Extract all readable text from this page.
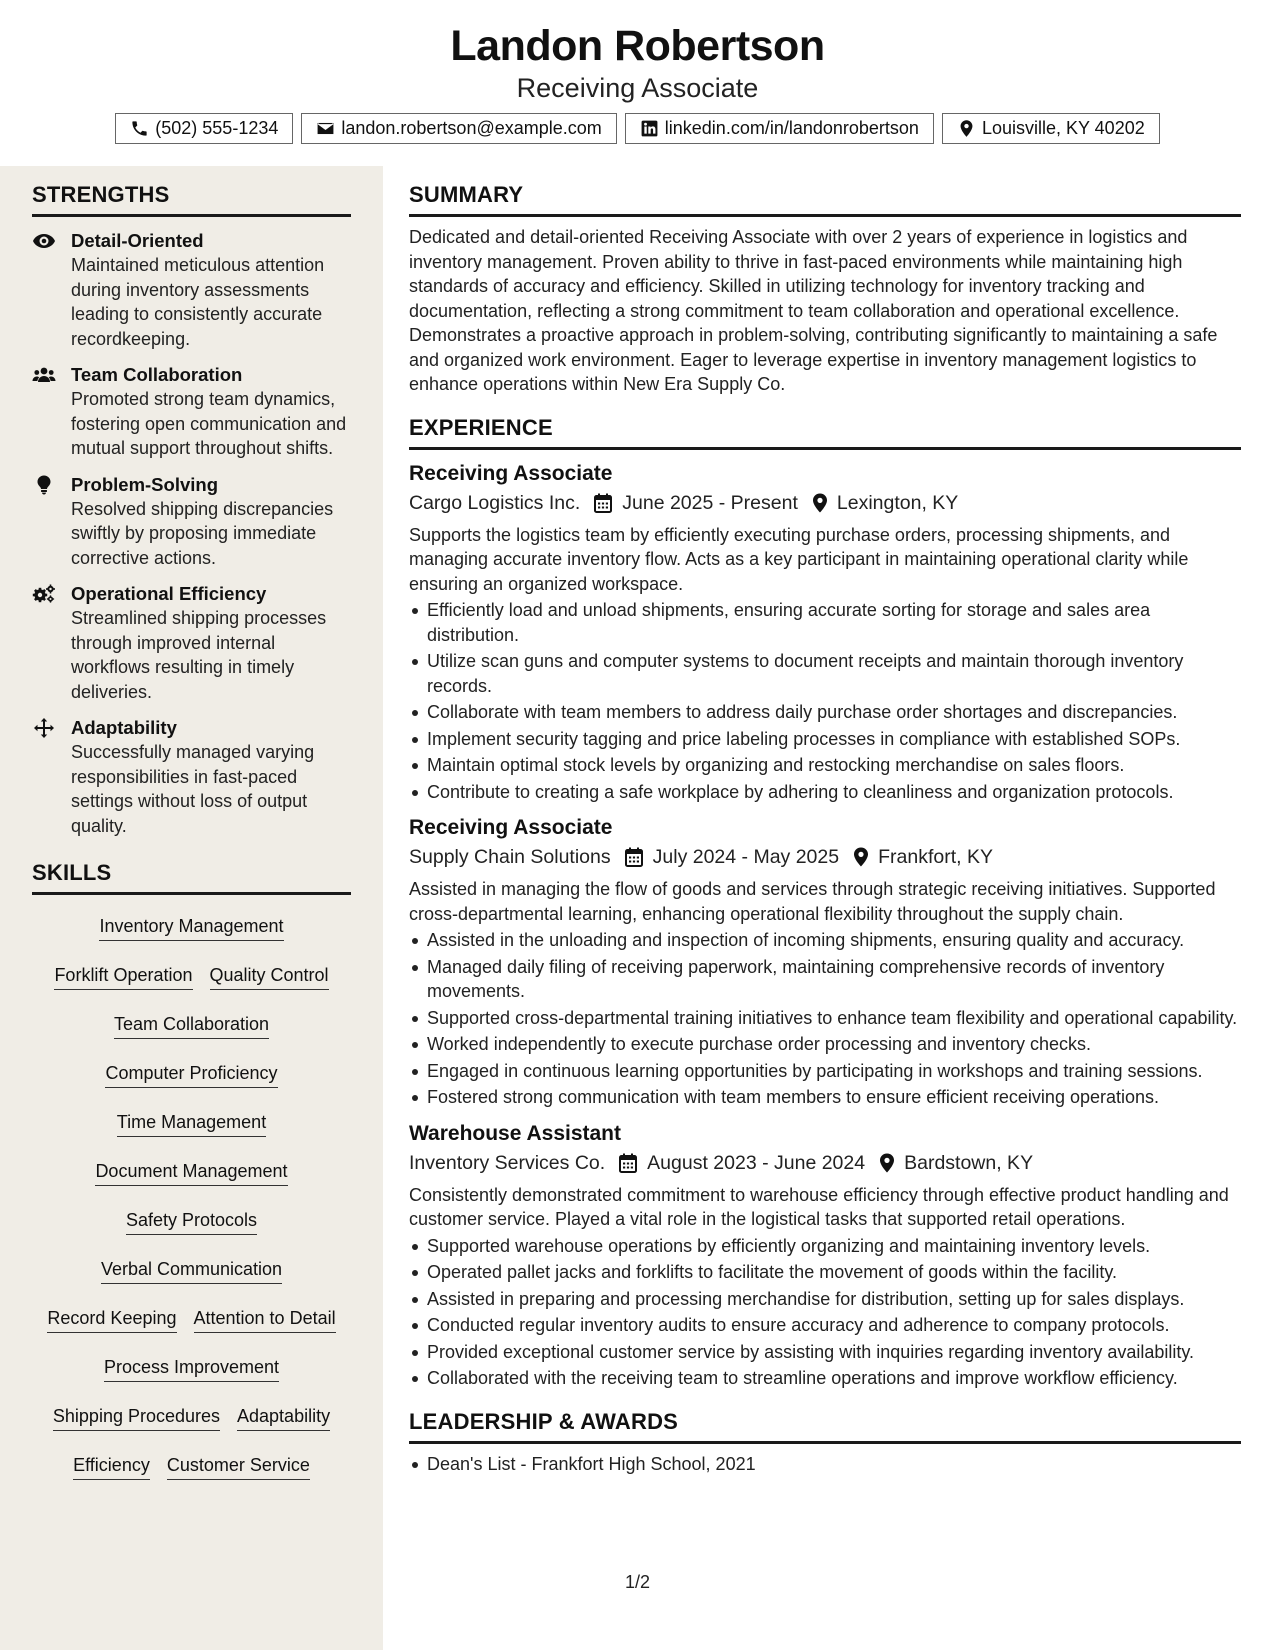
Landon Robertson
Receiving Associate
(502) 555-1234	landon.robertson@example.com	linkedin.com/in/landonrobertson	Louisville, KY 40202
STRENGTHS
Detail-Oriented
Maintained meticulous attention during inventory assessments leading to consistently accurate recordkeeping.
Team Collaboration
Promoted strong team dynamics, fostering open communication and mutual support throughout shifts.
Problem-Solving
Resolved shipping discrepancies swiftly by proposing immediate corrective actions.
Operational Efficiency
Streamlined shipping processes through improved internal workflows resulting in timely deliveries.
Adaptability
Successfully managed varying responsibilities in fast-paced settings without loss of output quality.
SKILLS
Inventory Management
Forklift Operation Quality Control
Team Collaboration
Computer Proficiency
Time Management
Document Management
Safety Protocols
Verbal Communication
Record Keeping Attention to Detail
Process Improvement
Shipping Procedures Adaptability
Efficiency Customer Service
SUMMARY
Dedicated and detail-oriented Receiving Associate with over 2 years of experience in logistics and inventory management. Proven ability to thrive in fast-paced environments while maintaining high standards of accuracy and efficiency. Skilled in utilizing technology for inventory tracking and documentation, reflecting a strong commitment to team collaboration and operational excellence. Demonstrates a proactive approach in problem-solving, contributing significantly to maintaining a safe and organized work environment. Eager to leverage expertise in inventory management logistics to enhance operations within New Era Supply Co.
EXPERIENCE
Receiving Associate
Cargo Logistics Inc. June 2025 - Present Lexington, KY
Supports the logistics team by efficiently executing purchase orders, processing shipments, and managing accurate inventory flow. Acts as a key participant in maintaining operational clarity while ensuring an organized workspace.
Efficiently load and unload shipments, ensuring accurate sorting for storage and sales area distribution.
Utilize scan guns and computer systems to document receipts and maintain thorough inventory records.
Collaborate with team members to address daily purchase order shortages and discrepancies.
Implement security tagging and price labeling processes in compliance with established SOPs.
Maintain optimal stock levels by organizing and restocking merchandise on sales floors.
Contribute to creating a safe workplace by adhering to cleanliness and organization protocols.
Receiving Associate
Supply Chain Solutions July 2024 - May 2025 Frankfort, KY
Assisted in managing the flow of goods and services through strategic receiving initiatives. Supported cross-departmental learning, enhancing operational flexibility throughout the supply chain.
Assisted in the unloading and inspection of incoming shipments, ensuring quality and accuracy.
Managed daily filing of receiving paperwork, maintaining comprehensive records of inventory movements.
Supported cross-departmental training initiatives to enhance team flexibility and operational capability.
Worked independently to execute purchase order processing and inventory checks.
Engaged in continuous learning opportunities by participating in workshops and training sessions.
Fostered strong communication with team members to ensure efficient receiving operations.
Warehouse Assistant
Inventory Services Co. August 2023 - June 2024 Bardstown, KY
Consistently demonstrated commitment to warehouse efficiency through effective product handling and customer service. Played a vital role in the logistical tasks that supported retail operations.
Supported warehouse operations by efficiently organizing and maintaining inventory levels.
Operated pallet jacks and forklifts to facilitate the movement of goods within the facility.
Assisted in preparing and processing merchandise for distribution, setting up for sales displays.
Conducted regular inventory audits to ensure accuracy and adherence to company protocols.
Provided exceptional customer service by assisting with inquiries regarding inventory availability.
Collaborated with the receiving team to streamline operations and improve workflow efficiency.
LEADERSHIP & AWARDS
Dean's List - Frankfort High School, 2021
1/2
